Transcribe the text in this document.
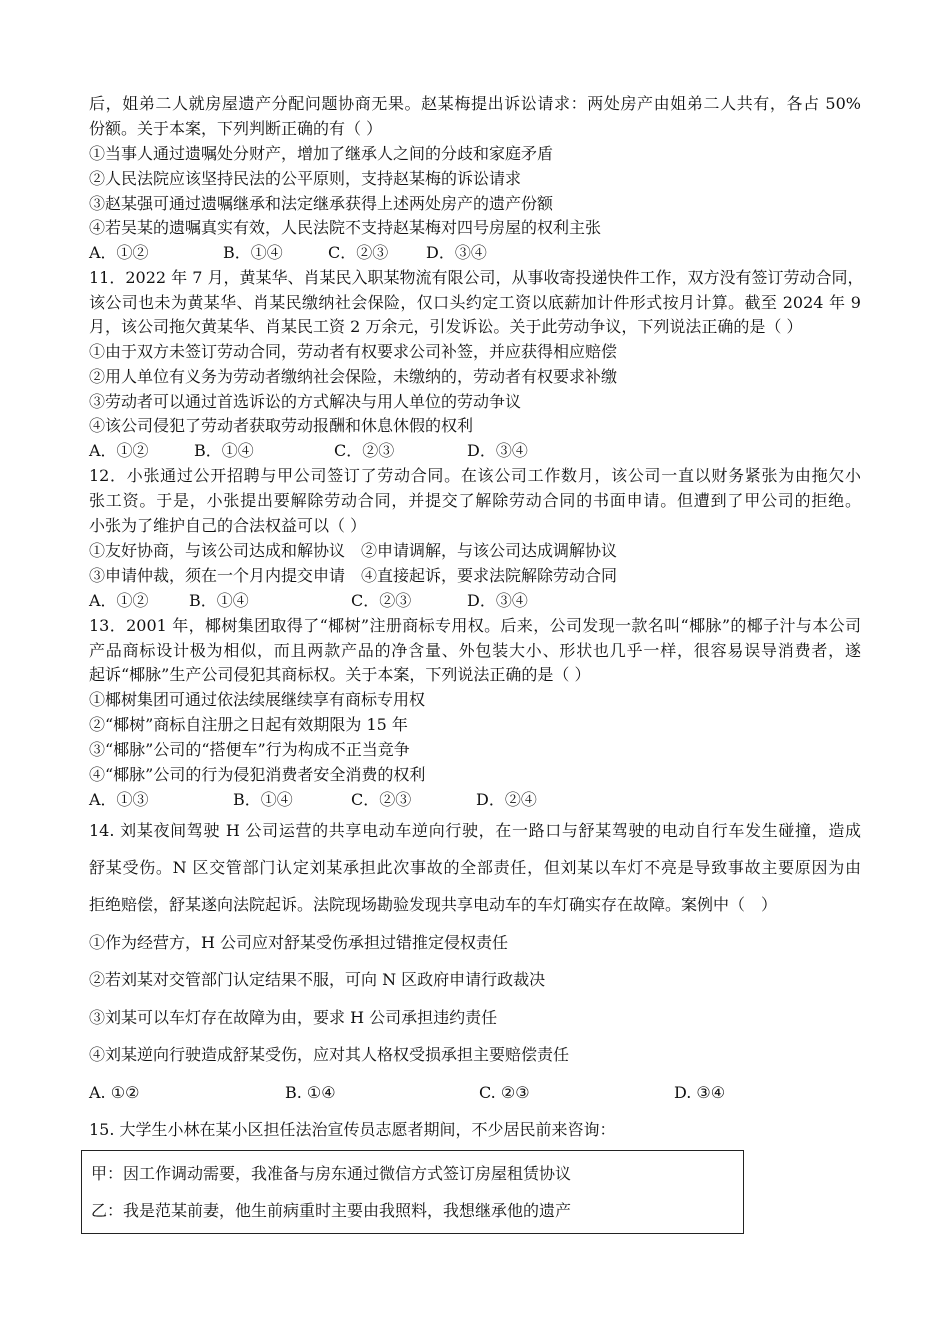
后，姐弟二人就房屋遗产分配问题协商无果。赵某梅提出诉讼请求：两处房产由姐弟二人共有，各占 50%
份额。关于本案，下列判断正确的有（ ）
①当事人通过遗嘱处分财产，增加了继承人之间的分歧和家庭矛盾
②人民法院应该坚持民法的公平原则，支持赵某梅的诉讼请求
③赵某强可通过遗嘱继承和法定继承获得上述两处房产的遗产份额
④若吴某的遗嘱真实有效，人民法院不支持赵某梅对四号房屋的权利主张
A．①②	B．①④	C．②③ D．③④
11．2022 年 7 月，黄某华、肖某民入职某物流有限公司，从事收寄投递快件工作，双方没有签订劳动合同，
该公司也未为黄某华、肖某民缴纳社会保险，仅口头约定工资以底薪加计件形式按月计算。截至 2024 年 9
月，该公司拖欠黄某华、肖某民工资 2 万余元，引发诉讼。关于此劳动争议，下列说法正确的是（ ）
①由于双方未签订劳动合同，劳动者有权要求公司补签，并应获得相应赔偿
②用人单位有义务为劳动者缴纳社会保险，未缴纳的，劳动者有权要求补缴
③劳动者可以通过首选诉讼的方式解决与用人单位的劳动争议
④该公司侵犯了劳动者获取劳动报酬和休息休假的权利
A．①②	B．①④	C．②③	D．③④
12．小张通过公开招聘与甲公司签订了劳动合同。在该公司工作数月，该公司一直以财务紧张为由拖欠小
张工资。于是，小张提出要解除劳动合同，并提交了解除劳动合同的书面申请。但遭到了甲公司的拒绝。
小张为了维护自己的合法权益可以（ ）
①友好协商，与该公司达成和解协议　②申请调解，与该公司达成调解协议
③申请仲裁，须在一个月内提交申请　④直接起诉，要求法院解除劳动合同
A．①②	B．①④	C．②③	D．③④
13．2001 年，椰树集团取得了“椰树”注册商标专用权。后来，公司发现一款名叫“椰脉”的椰子汁与本公司
产品商标设计极为相似，而且两款产品的净含量、外包装大小、形状也几乎一样，很容易误导消费者，遂
起诉“椰脉”生产公司侵犯其商标权。关于本案，下列说法正确的是（ ）
①椰树集团可通过依法续展继续享有商标专用权
②“椰树”商标自注册之日起有效期限为 15 年
③“椰脉”公司的“搭便车”行为构成不正当竞争
④“椰脉”公司的行为侵犯消费者安全消费的权利
A．①③	B．①④	C．②③	D．②④
14. 刘某夜间驾驶 H 公司运营的共享电动车逆向行驶，在一路口与舒某驾驶的电动自行车发生碰撞，造成
舒某受伤。N 区交管部门认定刘某承担此次事故的全部责任，但刘某以车灯不亮是导致事故主要原因为由
拒绝赔偿，舒某遂向法院起诉。法院现场勘验发现共享电动车的车灯确实存在故障。案例中（　）
①作为经营方，H 公司应对舒某受伤承担过错推定侵权责任
②若刘某对交管部门认定结果不服，可向 N 区政府申请行政裁决
③刘某可以车灯存在故障为由，要求 H 公司承担违约责任
④刘某逆向行驶造成舒某受伤，应对其人格权受损承担主要赔偿责任
A. ①②	B. ①④	C. ②③	D. ③④
15. 大学生小林在某小区担任法治宣传员志愿者期间，不少居民前来咨询：
甲：因工作调动需要，我准备与房东通过微信方式签订房屋租赁协议
乙：我是范某前妻，他生前病重时主要由我照料，我想继承他的遗产
